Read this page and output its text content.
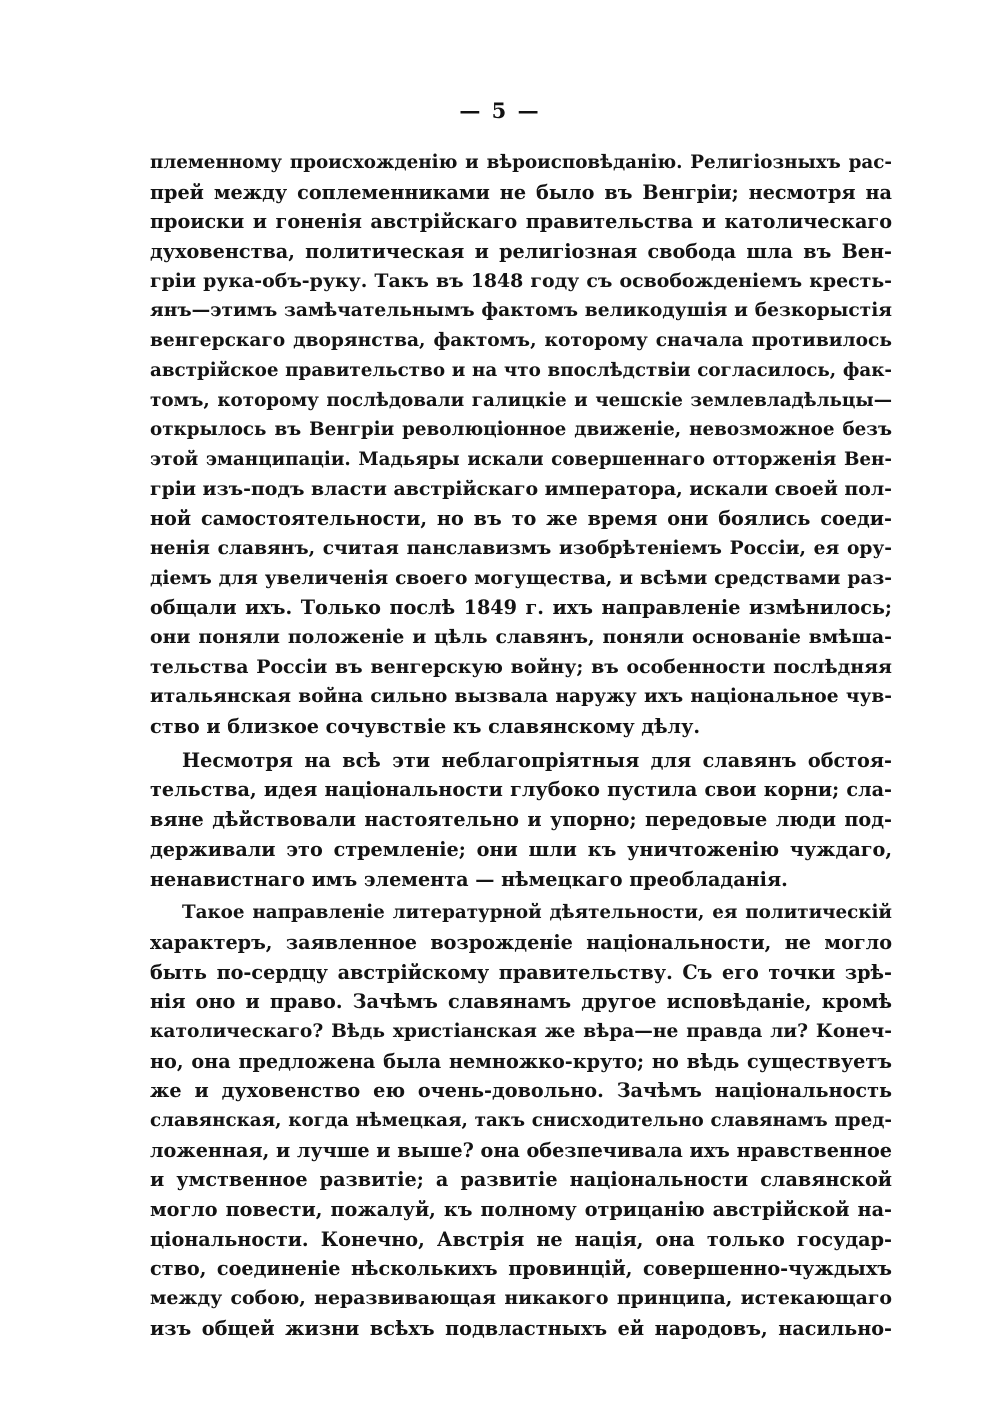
— 5 —
племенному происхожденію и вѣроисповѣданію. Религіозныхъ рас-
прей между соплеменниками не было въ Венгріи; несмотря на
происки и гоненія австрійскаго правительства и католическаго
духовенства, политическая и религіозная свобода шла въ Вен-
гріи рука-объ-руку. Такъ въ 1848 году съ освобожденіемъ кресть-
янъ—этимъ замѣчательнымъ фактомъ великодушія и безкорыстія
венгерскаго дворянства, фактомъ, которому сначала противилось
австрійское правительство и на что впослѣдствіи согласилось, фак-
томъ, которому послѣдовали галицкіе и чешскіе землевладѣльцы—
открылось въ Венгріи революціонное движеніе, невозможное безъ
этой эманципаціи. Мадьяры искали совершеннаго отторженія Вен-
гріи изъ-подъ власти австрійскаго императора, искали своей пол-
ной самостоятельности, но въ то же время они боялись соеди-
ненія славянъ, считая панславизмъ изобрѣтеніемъ Россіи, ея ору-
діемъ для увеличенія своего могущества, и всѣми средствами раз-
общали ихъ. Только послѣ 1849 г. ихъ направленіе измѣнилось;
они поняли положеніе и цѣль славянъ, поняли основаніе вмѣша-
тельства Россіи въ венгерскую войну; въ особенности послѣдняя
итальянская война сильно вызвала наружу ихъ національное чув-
ство и близкое сочувствіе къ славянскому дѣлу.
Несмотря на всѣ эти неблагопріятныя для славянъ обстоя-
тельства, идея національности глубоко пустила свои корни; сла-
вяне дѣйствовали настоятельно и упорно; передовые люди под-
держивали это стремленіе; они шли къ уничтоженію чуждаго,
ненавистнаго имъ элемента — нѣмецкаго преобладанія.
Такое направленіе литературной дѣятельности, ея политическій
характеръ, заявленное возрожденіе національности, не могло
быть по-сердцу австрійскому правительству. Съ его точки зрѣ-
нія оно и право. Зачѣмъ славянамъ другое исповѣданіе, кромѣ
католическаго? Вѣдь христіанская же вѣра—не правда ли? Конеч-
но, она предложена была немножко-круто; но вѣдь существуетъ
же и духовенство ею очень-довольно. Зачѣмъ національность
славянская, когда нѣмецкая, такъ снисходительно славянамъ пред-
ложенная, и лучше и выше? она обезпечивала ихъ нравственное
и умственное развитіе; а развитіе національности славянской
могло повести, пожалуй, къ полному отрицанію австрійской на-
ціональности. Конечно, Австрія не нація, она только государ-
ство, соединеніе нѣсколькихъ провинцій, совершенно-чуждыхъ
между собою, неразвивающая никакого принципа, истекающаго
изъ общей жизни всѣхъ подвластныхъ ей народовъ, насильно-
